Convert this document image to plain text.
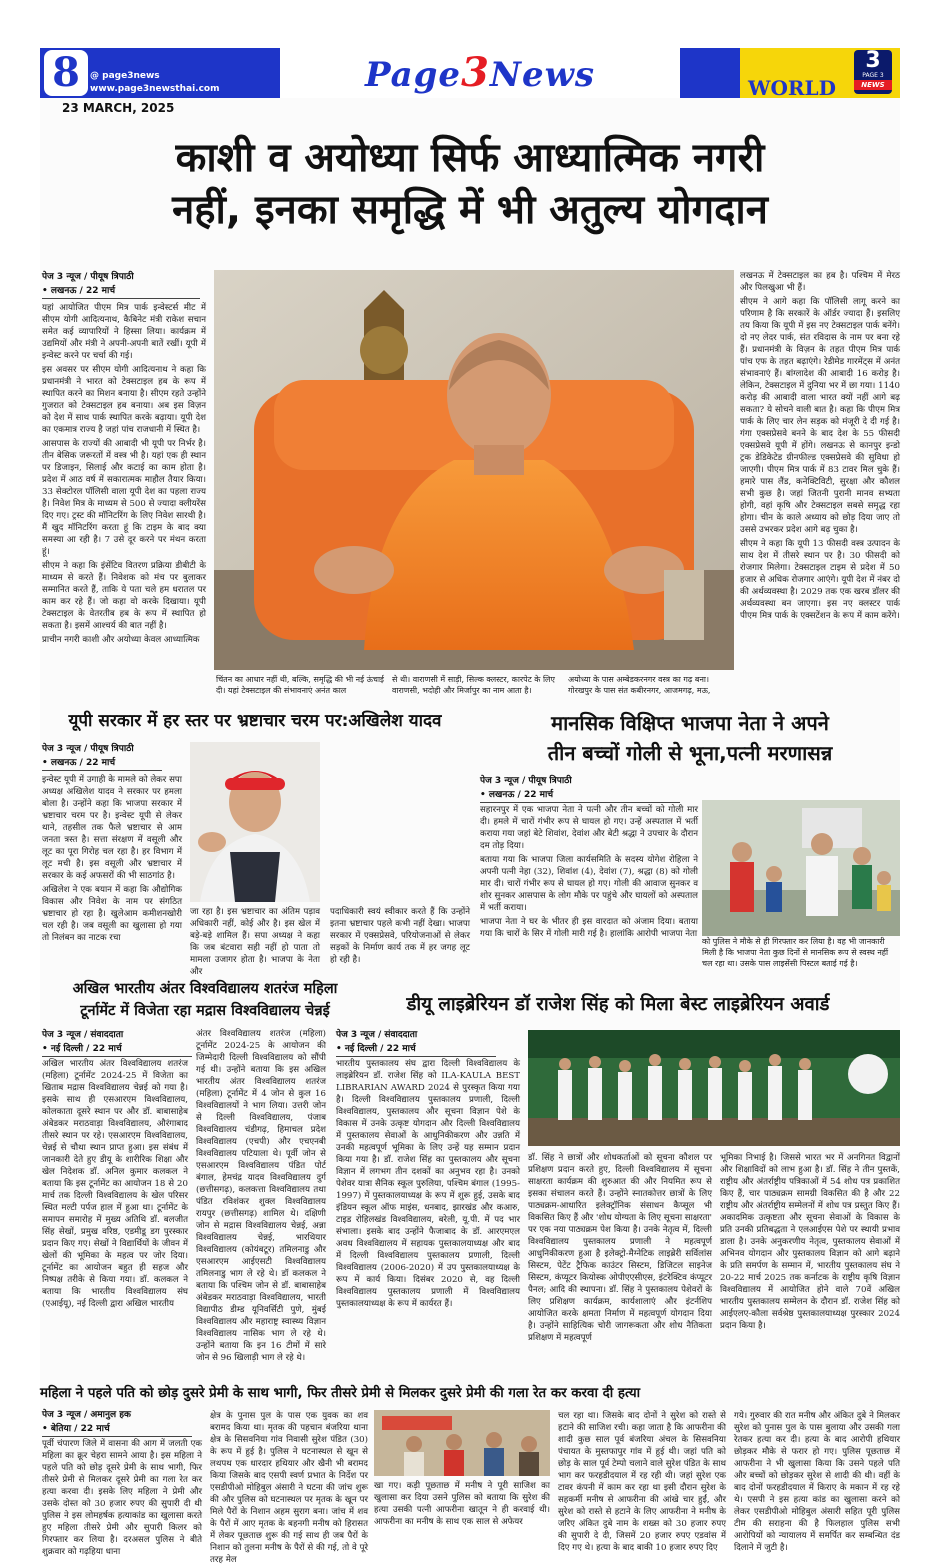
8	@ page3news
www.page3newsthai.com	Page3News	WORLD
3
PAGE 3
NEWS
23 MARCH, 2025
काशी व अयोध्या सिर्फ आध्यात्मिक नगरी
नहीं, इनका समृद्धि में भी अतुल्य योगदान
पेज 3 न्यूज / पीयूष त्रिपाठी
• लखनऊ / 22 मार्च

यहां आयोजित पीएम मित्र पार्क इन्वेस्टर्स मीट में सीएम योगी आदित्यनाथ, कैबिनेट मंत्री राकेश सचान समेत कई व्यापारियों ने हिस्सा लिया। कार्यक्रम में उद्यमियों और मंत्री ने अपनी-अपनी बातें रखीं। यूपी में इन्वेस्ट करने पर चर्चा की गई।

इस अवसर पर सीएम योगी आदित्यनाथ ने कहा कि प्रधानमंत्री ने भारत को टेक्सटाइल हब के रूप में स्थापित करने का मिशन बनाया है। सीएम रहते उन्होंने गुजरात को टेक्सटाइल हब बनाया। अब इस विज़न को देश में साथ पार्क स्थापित करके बढ़ाया। यूपी देश का एकमात्र राज्य है जहां पांच राजधानी में स्थित है।

आसपास के राज्यों की आबादी भी यूपी पर निर्भर है। तीन बेसिक जरूरतों में वस्त्र भी है। यहां एक ही स्थान पर डिजाइन, सिलाई और कटाई का काम होता है। प्रदेश में आठ वर्ष में सकारात्मक माहौल तैयार किया। 33 सेक्टोरल पॉलिसी वाला यूपी देश का पहला राज्य है। निवेश मित्र के माध्यम से 500 से ज्यादा क्लीयरेंस दिए गए। ट्रस्ट की मॉनिटरिंग के लिए निवेश सारथी है। मैं खुद मॉनिटरिंग करता हूं कि टाइम के बाद क्या समस्या आ रही है। 7 उसे दूर करने पर मंथन करता हूं।

सीएम ने कहा कि इंसेंटिव वितरण प्रक्रिया डीबीटी के माध्यम से करते हैं। निवेशक को मंच पर बुलाकर सम्मानित करते हैं, ताकि ये पता चले हम धरातल पर काम कर रहे हैं। जो कहा वो करके दिखाया। यूपी टेक्सटाइल के वेतरतीब हब के रूप में स्थापित हो सकता है। इसमें आश्चर्य की बात नहीं है।

प्राचीन नगरी काशी और अयोध्या केवल आध्यात्मिक

चिंतन का आधार नहीं थी, बल्कि, समृद्धि की भी नई ऊंचाई दी। यहां टेक्सटाइल की संभावनाएं अनंत काल
से थी। वाराणसी में साड़ी, सिल्क क्लस्टर, कारपेट के लिए वाराणसी, भदोही और मिर्जापुर का नाम आता है।
अयोध्या के पास अम्बेडकरनगर वस्त्र का गढ़ बना। गोरखपुर के पास संत कबीरनगर, आजमगढ़, मऊ,

लखनऊ में टेक्सटाइल का हब है। पश्चिम में मेरठ और पिलखुआ भी हैं।

सीएम ने आगे कहा कि पॉलिसी लागू करने का परिणाम है कि सरकारें के ऑर्डर ज्यादा हैं। इसलिए तय किया कि यूपी में इस नए टेक्सटाइल पार्क बनेंगे। दो नए लेदर पार्क, संत रविदास के नाम पर बना रहे हैं। प्रधानमंत्री के विज़न के तहत पीएम मित्र पार्क पांच एफ के तहत बढ़ाएंगे। रेडीमेड गारमेंट्स में अनंत संभावनाएं हैं। बांग्लादेश की आबादी 16 करोड़ है। लेकिन, टेक्सटाइल में दुनिया भर में छा गया। 1140 करोड़ की आबादी वाला भारत क्यों नहीं आगे बढ़ सकता? ये सोचने वाली बात है। कहा कि पीएम मित्र पार्क के लिए चार लेन सड़क को मंजूरी दे दी गई है। गंगा एक्सप्रेसवे बनने के बाद देश के 55 फीसदी एक्सप्रेसवे यूपी में होंगे। लखनऊ से कानपुर इन्डो ट्रक डेडिकेटेड ग्रीनफील्ड एक्सप्रेसवे की सुविधा हो जाएगी। पीएम मित्र पार्क में 83 टावर मिल चुके हैं। हमारे पास लैंड, कनेक्टिविटी, सुरक्षा और कौशल सभी कुछ है। जहां जितनी पुरानी मानव सभ्यता होगी, वहां कृषि और टेक्सटाइल सबसे समृद्ध रहा होगा। चीन के काले अध्याय को छोड़ दिया जाए तो उससे उभरकर प्रदेश आगे बढ़ चुका है।

सीएम ने कहा कि यूपी 13 फीसदी वस्त्र उत्पादन के साथ देश में तीसरे स्थान पर है। 30 फीसदी को रोजगार मिलेगा। टेक्सटाइल टाइम से प्रदेश में 50 हजार से अधिक रोजगार आएंगे। यूपी देश में नंबर दो की अर्थव्यवस्था है। 2029 तक एक खरब डॉलर की अर्थव्यवस्था बन जाएगा। इस नए क्लस्टर पार्क पीएम मित्र पार्क के एक्सटेंशन के रूप में काम करेंगे।

यूपी सरकार में हर स्तर पर भ्रष्टाचार चरम पर:अखिलेश यादव
पेज 3 न्यूज / पीयूष त्रिपाठी
• लखनऊ / 22 मार्च

इन्वेस्ट यूपी में उगाही के मामले को लेकर सपा अध्यक्ष अखिलेश यादव ने सरकार पर हमला बोला है। उन्होंने कहा कि भाजपा सरकार में भ्रष्टाचार चरम पर है। इन्वेस्ट यूपी से लेकर थाने, तहसील तक फैले भ्रष्टाचार से आम जनता त्रस्त है। सत्ता संरक्षण में वसूली और लूट का पूरा गिरोह चल रहा है। हर विभाग में लूट मची है। इस वसूली और भ्रष्टाचार में सरकार के कई अफसरों की भी साठगांठ है।

अखिलेश ने एक बयान में कहा कि औद्योगिक विकास और निवेश के नाम पर संगठित भ्रष्टाचार हो रहा है। खुलेआम कमीशनखोरी चल रही है। जब वसूली का खुलासा हो गया तो निलंबन का नाटक रचा

जा रहा है। इस भ्रष्टाचार का अंतिम पड़ाव अधिकारी नहीं, कोई और है। इस खेल में बड़े-बड़े शामिल हैं। सपा अध्यक्ष ने कहा कि जब बंटवारा सही नहीं हो पाता तो मामला उजागर होता है। भाजपा के नेता और
पदाधिकारी स्वयं स्वीकार करते हैं कि उन्होंने इतना भ्रष्टाचार पहले कभी नहीं देखा। भाजपा सरकार में एक्सप्रेसवे, परियोजनाओं से लेकर सड़कों के निर्माण कार्य तक में हर जगह लूट हो रही है।
मानसिक विक्षिप्त भाजपा नेता ने अपने
तीन बच्चों गोली से भूना,पत्नी मरणासन्न
पेज 3 न्यूज / पीयूष त्रिपाठी
• लखनऊ / 22 मार्च

सहारनपुर में एक भाजपा नेता ने पत्नी और तीन बच्चों को गोली मार दी। हमले में चारों गंभीर रूप से घायल हो गए। उन्हें अस्पताल में भर्ती कराया गया जहां बेटे शिवांश, देवांश और बेटी श्रद्धा ने उपचार के दौरान दम तोड़ दिया।

बताया गया कि भाजपा जिला कार्यसमिति के सदस्य योगेश रोहिला ने अपनी पत्नी नेहा (32), शिवांश (4), देवांश (7), श्रद्धा (8) को गोली मार दी। चारों गंभीर रूप से घायल हो गए। गोली की आवाज सुनकर व शोर सुनकर आसपास के लोग मौके पर पहुंचे और घायलों को अस्पताल में भर्ती कराया।

भाजपा नेता ने घर के भीतर ही इस वारदात को अंजाम दिया। बताया गया कि चारों के सिर में गोली मारी गई है। हालांकि आरोपी भाजपा नेता

को पुलिस ने मौके से ही गिरफ्तार कर लिया है। वह भी जानकारी मिली है कि भाजपा नेता कुछ दिनों से मानसिक रूप से स्वस्थ नहीं चल रहा था। उसके पास लाइसेंसी पिस्टल बताई गई है।
अखिल भारतीय अंतर विश्वविद्यालय शतरंज महिला
टूर्नामेंट में विजेता रहा मद्रास विश्वविद्यालय चेन्नई
पेज 3 न्यूज / संवाददाता
• नई दिल्ली / 22 मार्च
अखिल भारतीय अंतर विश्वविद्यालय शतरंज (महिला) टूर्नामेंट 2024-25 में विजेता का खिताब मद्रास विश्वविद्यालय चेन्नई को गया है। इसके साथ ही एसआरएम विश्वविद्यालय, कोलकाता दूसरे स्थान पर और डॉ. बाबासाहेब अंबेडकर मराठवाड़ा विश्वविद्यालय, औरंगाबाद तीसरे स्थान पर रहे। एसआरएम विश्वविद्यालय, चेन्नई से चौथा स्थान प्राप्त हुआ। इस संबंध में जानकारी देते हुए डीयू के शारीरिक शिक्षा और खेल निदेशक डॉ. अनिल कुमार कलकल ने बताया कि इस टूर्नामेंट का आयोजन 18 से 20 मार्च तक दिल्ली विश्वविद्यालय के खेल परिसर स्थित मल्टी पर्पज हाल में हुआ था। टूर्नामेंट के समापन समारोह में मुख्य अतिथि डॉ. बलजीत सिंह सेखों, प्रमुख वरिष्ठ, एडमीडू डग पुरस्कार प्रदान किए गए। सेखों ने विद्यार्थियों के जीवन में खेलों की भूमिका के महत्व पर जोर दिया। टूर्नामेंट का आयोजन बहुत ही सहज और निष्पक्ष तरीके से किया गया। डॉ. कलकल ने बताया कि भारतीय विश्वविद्यालय संघ (एआईयू), नई दिल्ली द्वारा अखिल भारतीय
अंतर विश्वविद्यालय शतरंज (महिला) टूर्नामेंट 2024-25 के आयोजन की जिम्मेदारी दिल्ली विश्वविद्यालय को सौंपी गई थी। उन्होंने बताया कि इस अखिल भारतीय अंतर विश्वविद्यालय शतरंज (महिला) टूर्नामेंट में 4 जोन से कुल 16 विश्वविद्यालयों ने भाग लिया। उत्तरी जोन से दिल्ली विश्वविद्यालय, पंजाब विश्वविद्यालय चंडीगढ़, हिमाचल प्रदेश विश्वविद्यालय (एचपी) और एचएनबी विश्वविद्यालय पटियाला थे। पूर्वी जोन से एसआरएम विश्वविद्यालय पंडित पोर्ट बंगाल, हेमचंद्र यादव विश्वविद्यालय दुर्ग (छत्तीसगढ़), कलकत्ता विश्वविद्यालय तथा पंडित रविशंकर शुक्ल विश्वविद्यालय रायपुर (छत्तीसगढ़) शामिल थे। दक्षिणी जोन से मद्रास विश्वविद्यालय चेन्नई, अन्ना विश्वविद्यालय चेन्नई, भारथियार विश्वविद्यालय (कोयंबटूर) तमिलनाडु और एसआरएम आईएसटी विश्वविद्यालय तमिलनाडु भाग ले रहे थे। डॉ कलकल ने बताया कि पश्चिम जोन से डॉ. बाबासाहेब अंबेडकर मराठवाड़ा विश्वविद्यालय, भारती विद्यापीठ डीम्ड यूनिवर्सिटी पुणे, मुंबई विश्वविद्यालय और महाराष्ट्र स्वास्थ्य विज्ञान विश्वविद्यालय नासिक भाग ले रहे थे। उन्होंने बताया कि इन 16 टीमों में सारे जोन से 96 खिलाड़ी भाग ले रहे थे।
डीयू लाइब्रेरियन डॉ राजेश सिंह को मिला बेस्ट लाइब्रेरियन अवार्ड
पेज 3 न्यूज / संवाददाता
• नई दिल्ली / 22 मार्च
भारतीय पुस्तकालय संघ द्वारा दिल्ली विश्वविद्यालय के लाइब्रेरियन डॉ. राजेश सिंह को ILA-KAULA BEST LIBRARIAN AWARD 2024 से पुरस्कृत किया गया है। दिल्ली विश्वविद्यालय पुस्तकालय प्रणाली, दिल्ली विश्वविद्यालय, पुस्तकालय और सूचना विज्ञान पेशे के विकास में उनके उत्कृष्ट योगदान और दिल्ली विश्वविद्यालय में पुस्तकालय सेवाओं के आधुनिकीकरण और उन्नति में उनकी महत्वपूर्ण भूमिका के लिए उन्हें यह सम्मान प्रदान किया गया है। डॉ. राजेश सिंह का पुस्तकालय और सूचना विज्ञान में लगभग तीन दशकों का अनुभव रहा है। उनको पेशेवर यात्रा सैनिक स्कूल पुरुलिया, पश्चिम बंगाल (1995-1997) में पुस्तकालयाध्यक्ष के रूप में शुरू हुई, उसके बाद इंडियन स्कूल ऑफ माइंस, धनबाद, झारखंड और कआरु, टाइड रोहिलखंड विश्वविद्यालय, बरेली, यू.पी. में पद भार संभाला। इसके बाद उन्होंने फैजाबाद के डॉ. आरएमएल अवध विश्वविद्यालय में सहायक पुस्तकालयाध्यक्ष और बाद में दिल्ली विश्वविद्यालय पुस्तकालय प्रणाली, दिल्ली विश्वविद्यालय (2006-2020) में उप पुस्तकालयाध्यक्ष के रूप में कार्य किया। दिसंबर 2020 से, वह दिल्ली विश्वविद्यालय पुस्तकालय प्रणाली में विश्वविद्यालय पुस्तकालयाध्यक्ष के रूप में कार्यरत हैं।
डॉ. सिंह ने छात्रों और शोधकर्ताओं को सूचना कौशल पर प्रशिक्षण प्रदान करते हुए, दिल्ली विश्वविद्यालय में सूचना साक्षरता कार्यक्रम की शुरुआत की और नियमित रूप से इसका संचालन करते हैं। उन्होंने स्नातकोत्तर छात्रों के लिए पाठ्यक्रम-आधारित इलेक्ट्रॉनिक संसाधन कैप्सूल भी विकसित किए हैं और 'शोध योग्यता के लिए सूचना साक्षरता' पर एक नया पाठ्यक्रम पेश किया है। उनके नेतृत्व में, दिल्ली विश्वविद्यालय पुस्तकालय प्रणाली ने महत्वपूर्ण आधुनिकीकरण हुआ है इलेक्ट्रो-मैग्नेटिक लाइब्रेरी सर्विलांस सिस्टम, पेटेंट ट्रैफिक काउंटर सिस्टम, डिजिटल साइनेज सिस्टम, कंप्यूटर कियोस्क ओपीएएसीएस, इंटरेक्टिव कंप्यूटर पैनल; आदि की स्थापना। डॉ. सिंह ने पुस्तकालय पेशेवरों के लिए प्रशिक्षण कार्यक्रम, कार्यशालाएं और इंटर्नशिप आयोजित करके क्षमता निर्माण में महत्वपूर्ण योगदान दिया है। उन्होंने साहित्यिक चोरी जागरूकता और शोध नैतिकता प्रशिक्षण में महत्वपूर्ण
भूमिका निभाई है। जिससे भारत भर में अनगिनत विद्वानों और शिक्षाविदों को लाभ हुआ है। डॉ. सिंह ने तीन पुस्तकें, राष्ट्रीय और अंतर्राष्ट्रीय पत्रिकाओं में 54 शोध पत्र प्रकाशित किए हैं, चार पाठ्यक्रम सामग्री विकसित की है और 22 राष्ट्रीय और अंतर्राष्ट्रीय सम्मेलनों में शोध पत्र प्रस्तुत किए हैं। अकादमिक उत्कृष्टता और सूचना सेवाओं के विकास के प्रति उनकी प्रतिबद्धता ने एलआईएस पेशे पर स्थायी प्रभाव डाला है। उनके अनुकरणीय नेतृत्व, पुस्तकालय सेवाओं में अभिनव योगदान और पुस्तकालय विज्ञान को आगे बढ़ाने के प्रति समर्पण के सम्मान में, भारतीय पुस्तकालय संघ ने 20-22 मार्च 2025 तक कर्नाटक के राष्ट्रीय कृषि विज्ञान विश्वविद्यालय में आयोजित होने वाले 70वें अखिल भारतीय पुस्तकालय सम्मेलन के दौरान डॉ. राजेश सिंह को आईएलए-कौला सर्वश्रेष्ठ पुस्तकालयाध्यक्ष पुरस्कार 2024 प्रदान किया है।
महिला ने पहले पति को छोड़ दुसरे प्रेमी के साथ भागी, फिर तीसरे प्रेमी से मिलकर दुसरे प्रेमी की गला रेत कर करवा दी हत्या
पेज 3 न्यूज / अमानुल हक
• बेतिया / 22 मार्च
पूर्वी चंपारण जिले में वासना की आग में जलती एक महिला का क्रूर चेहरा सामने आया है। इस महिला ने पहले पति को छोड़ दूसरे प्रेमी के साथ भागी, फिर तीसरे प्रेमी से मिलकर दूसरे प्रेमी का गला रेत कर हत्या करवा दी। इसके लिए महिला ने प्रेमी और उसके दोस्त को 30 हजार रुपए की सुपारी दी थी पुलिस ने इस लोमहर्षक हत्याकांड का खुलासा करते हुए महिला तीसरे प्रेमी और सुपारी किलर को गिरफ्तार कर लिया है। दरअसल पुलिस ने बीते शुक्रवार को गढ़हिया धाना
क्षेत्र के पुनास पुल के पास एक युवक का शव बरामद किया था। मृतक की पहचान बंजरिया थाना क्षेत्र के सिसवनिया गांव निवासी सुरेश पंडित (30) के रूप में हुई है। पुलिस ने घटनास्थल से खून से लथपथ एक धारदार हथियार और खैनी भी बरामद किया जिसके बाद एसपी स्वर्ण प्रभात के निर्देश पर एसडीपीओ मोहिबुल अंसारी ने घटना की जांच शुरू की और पुलिस को घटनास्थल पर मृतक के खून पर मिले पैरों के निशान अहम सुराग बना। जांच में शव के पैरों में आए मृतक के बहनगी मनीष को हिरासत में लेकर पूछताछ शुरू की गई साथ ही जब पैरों के निशान को तुलना मनीष के पैरों से की गई, तो वे पूरे तरह मेल
खा गए। कड़ी पूछताछ में मनीष ने पूरी साजिश का खुलासा कर दिया उसने पुलिस को बताया कि सुरेश की हत्या उसकी पत्नी आफरीना खातून ने ही करवाई थी। आफरीना का मनीष के साथ एक साल से अफेयर
चल रहा था। जिसके बाद दोनों ने सुरेश को रास्ते से हटाने की साजिश रची। कहा जाता है कि आफरीना की शादी कुछ साल पूर्व बंजरिया अंचल के सिसवनिया पंचायत के मुस्तफापुर गांव में हुई थी। जहां पति को छोड़ के साल पूर्व टेम्पो चलाने वाले सुरेश पंडित के साथ भाग कर फरहडीदयाल में रह रही थी। जहां सुरेश एक टावर कंपनी में काम कर रहा था इसी दौरान सुरेश के सहकर्मी मनीष से आफरीना की आंखे चार हुईं, और सुरेश को रास्ते से हटाने के लिए आफरीना ने मनीष के जरिए अंकित दुबे नाम के शख्स को 30 हजार रुपए की सुपारी दे दी, जिसमें 20 हजार रुपए एडवांस में दिए गए थे। हत्या के बाद बाकी 10 हजार रुपए दिए
गये। गुरुवार की रात मनीष और अंकित दुबे ने मिलकर सुरेश को पुनास पुल के पास बुलाया और उसकी गला रेतकर हत्या कर दी। हत्या के बाद आरोपी हथियार छोड़कर मौके से फरार हो गए। पुलिस पूछताछ में आफरीना ने भी खुलासा किया कि उसने पहले पति और बच्चों को छोड़कर सुरेश से शादी की थी। वहीं के बाद दोनों फरहडीदयाल में किराए के मकान में रह रहे थे। एसपी ने इस हत्या कांड का खुलासा करने को लेकर एसडीपीओ मोहिबुल अंसारी सहित पूरी पुलिस टीम की सराहना की है फिलहाल पुलिस सभी आरोपियों को न्यायालय में समर्पित कर सम्बन्धित दंड दिलाने में जुटी है।
